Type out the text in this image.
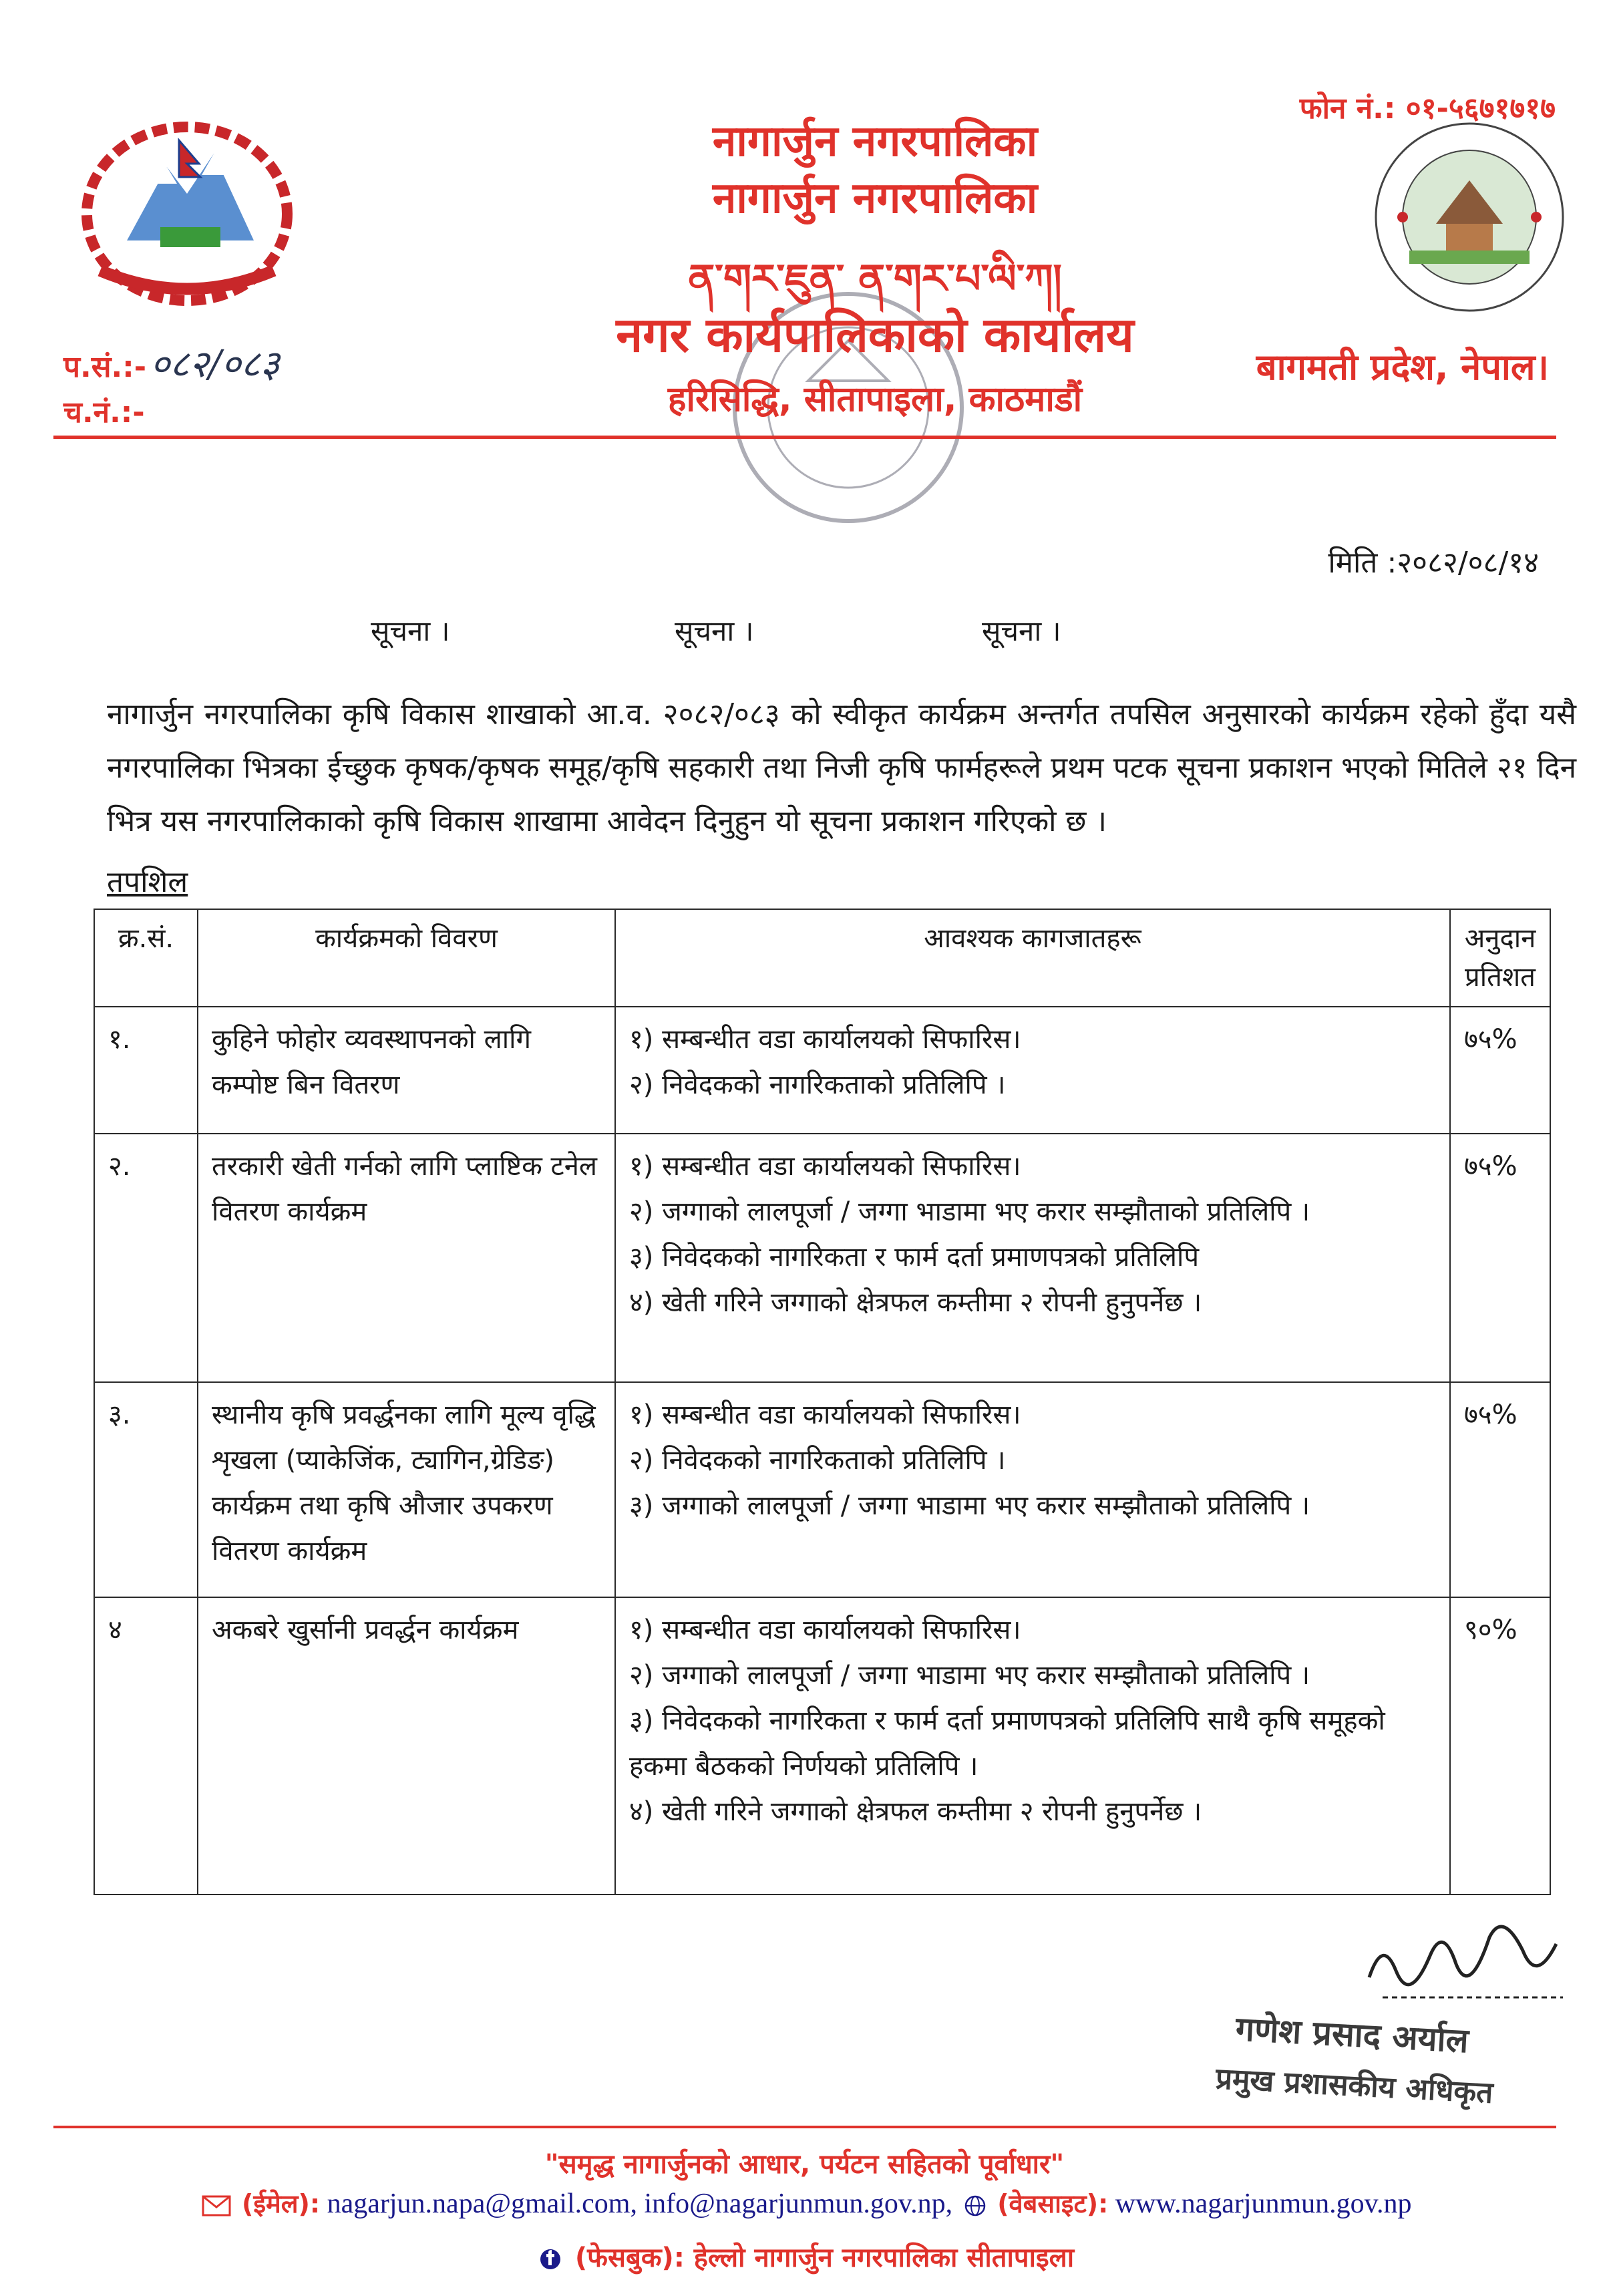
फोन नं.: ०१-५६७१७१७
नागार्जुन नगरपालिका
नागार्जुन नगरपालिका
ན་གར་ཇུན་ ན་གར་པ་ལི་ཀ།
नगर कार्यपालिकाको कार्यालय
हरिसिद्धि, सीतापाइला, काठमाडौं
बागमती प्रदेश, नेपाल।
प.सं.:- ०८२/०८३
च.नं.:-
मिति :२०८२/०८/१४
सूचना ।	सूचना ।	सूचना ।
नागार्जुन नगरपालिका कृषि विकास शाखाको आ.व. २०८२/०८३ को स्वीकृत कार्यक्रम अन्तर्गत तपसिल अनुसारको कार्यक्रम रहेको हुँदा यसै नगरपालिका भित्रका ईच्छुक कृषक/कृषक समूह/कृषि सहकारी तथा निजी कृषि फार्महरूले प्रथम पटक सूचना प्रकाशन भएको मितिले २१ दिन भित्र यस नगरपालिकाको कृषि विकास शाखामा आवेदन दिनुहुन यो सूचना प्रकाशन गरिएको छ ।
तपशिल
क्र.सं.	कार्यक्रमको विवरण	आवश्यक कागजातहरू	अनुदान प्रतिशत
१.	कुहिने फोहोर व्यवस्थापनको लागि कम्पोष्ट बिन वितरण	१) सम्बन्धीत वडा कार्यालयको सिफारिस।
२) निवेदकको नागरिकताको प्रतिलिपि ।	७५%
२.	तरकारी खेती गर्नको लागि प्लाष्टिक टनेल वितरण कार्यक्रम	१) सम्बन्धीत वडा कार्यालयको सिफारिस।
२) जग्गाको लालपूर्जा / जग्गा भाडामा भए करार सम्झौताको प्रतिलिपि ।
३) निवेदकको नागरिकता र फार्म दर्ता प्रमाणपत्रको प्रतिलिपि
४) खेती गरिने जग्गाको क्षेत्रफल कम्तीमा २ रोपनी हुनुपर्नेछ ।	७५%
३.	स्थानीय कृषि प्रवर्द्धनका लागि मूल्य वृद्धि शृखला (प्याकेजिंक, ट्यागिन,ग्रेडिङ) कार्यक्रम तथा कृषि औजार उपकरण वितरण कार्यक्रम	१) सम्बन्धीत वडा कार्यालयको सिफारिस।
२) निवेदकको नागरिकताको प्रतिलिपि ।
३) जग्गाको लालपूर्जा / जग्गा भाडामा भए करार सम्झौताको प्रतिलिपि ।	७५%
४	अकबरे खुर्सानी प्रवर्द्धन कार्यक्रम	१) सम्बन्धीत वडा कार्यालयको सिफारिस।
२) जग्गाको लालपूर्जा / जग्गा भाडामा भए करार सम्झौताको प्रतिलिपि ।
३) निवेदकको नागरिकता र फार्म दर्ता प्रमाणपत्रको प्रतिलिपि साथै कृषि समूहको हकमा बैठकको निर्णयको प्रतिलिपि ।
४) खेती गरिने जग्गाको क्षेत्रफल कम्तीमा २ रोपनी हुनुपर्नेछ ।	९०%
गणेश प्रसाद अर्याल
प्रमुख प्रशासकीय अधिकृत
"समृद्ध नागार्जुनको आधार, पर्यटन सहितको पूर्वाधार"
(ईमेल): nagarjun.napa@gmail.com, info@nagarjunmun.gov.np, (वेबसाइट): www.nagarjunmun.gov.np
(फेसबुक): हेल्लो नागार्जुन नगरपालिका सीतापाइला
